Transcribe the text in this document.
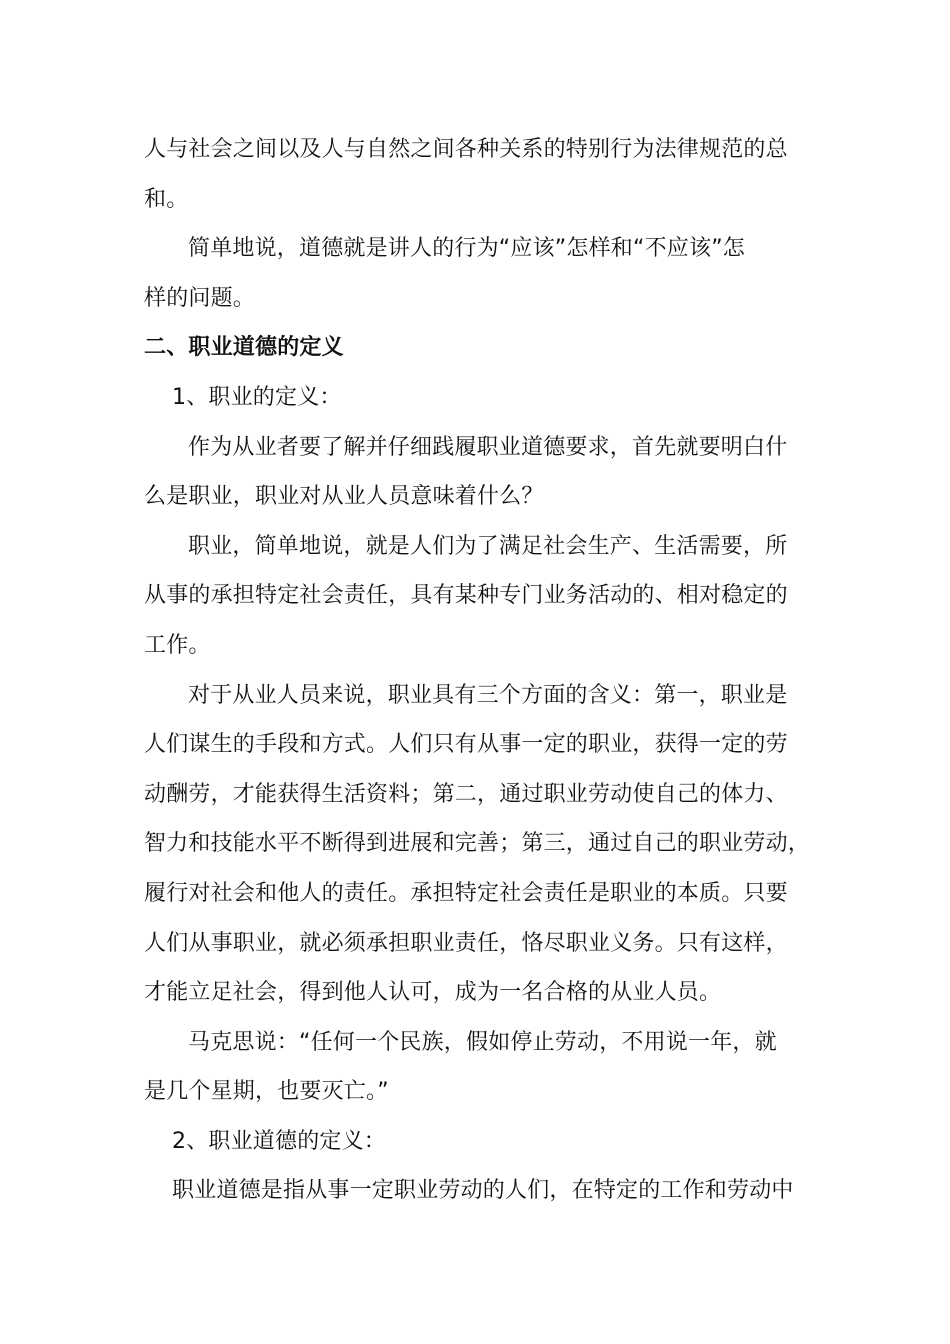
人与社会之间以及人与自然之间各种关系的特别行为法律规范的总
和。
简单地说，道德就是讲人的行为“应该”怎样和“不应该”怎
样的问题。
二、职业道德的定义
1、职业的定义：
作为从业者要了解并仔细践履职业道德要求，首先就要明白什
么是职业，职业对从业人员意味着什么？
职业，简单地说，就是人们为了满足社会生产、生活需要，所
从事的承担特定社会责任，具有某种专门业务活动的、相对稳定的
工作。
对于从业人员来说，职业具有三个方面的含义：第一，职业是
人们谋生的手段和方式。人们只有从事一定的职业，获得一定的劳
动酬劳，才能获得生活资料；第二，通过职业劳动使自己的体力、
智力和技能水平不断得到进展和完善；第三，通过自己的职业劳动，
履行对社会和他人的责任。承担特定社会责任是职业的本质。只要
人们从事职业，就必须承担职业责任，恪尽职业义务。只有这样，
才能立足社会，得到他人认可，成为一名合格的从业人员。
马克思说：“任何一个民族，假如停止劳动，不用说一年，就
是几个星期，也要灭亡。”
2、职业道德的定义：
职业道德是指从事一定职业劳动的人们，在特定的工作和劳动中
